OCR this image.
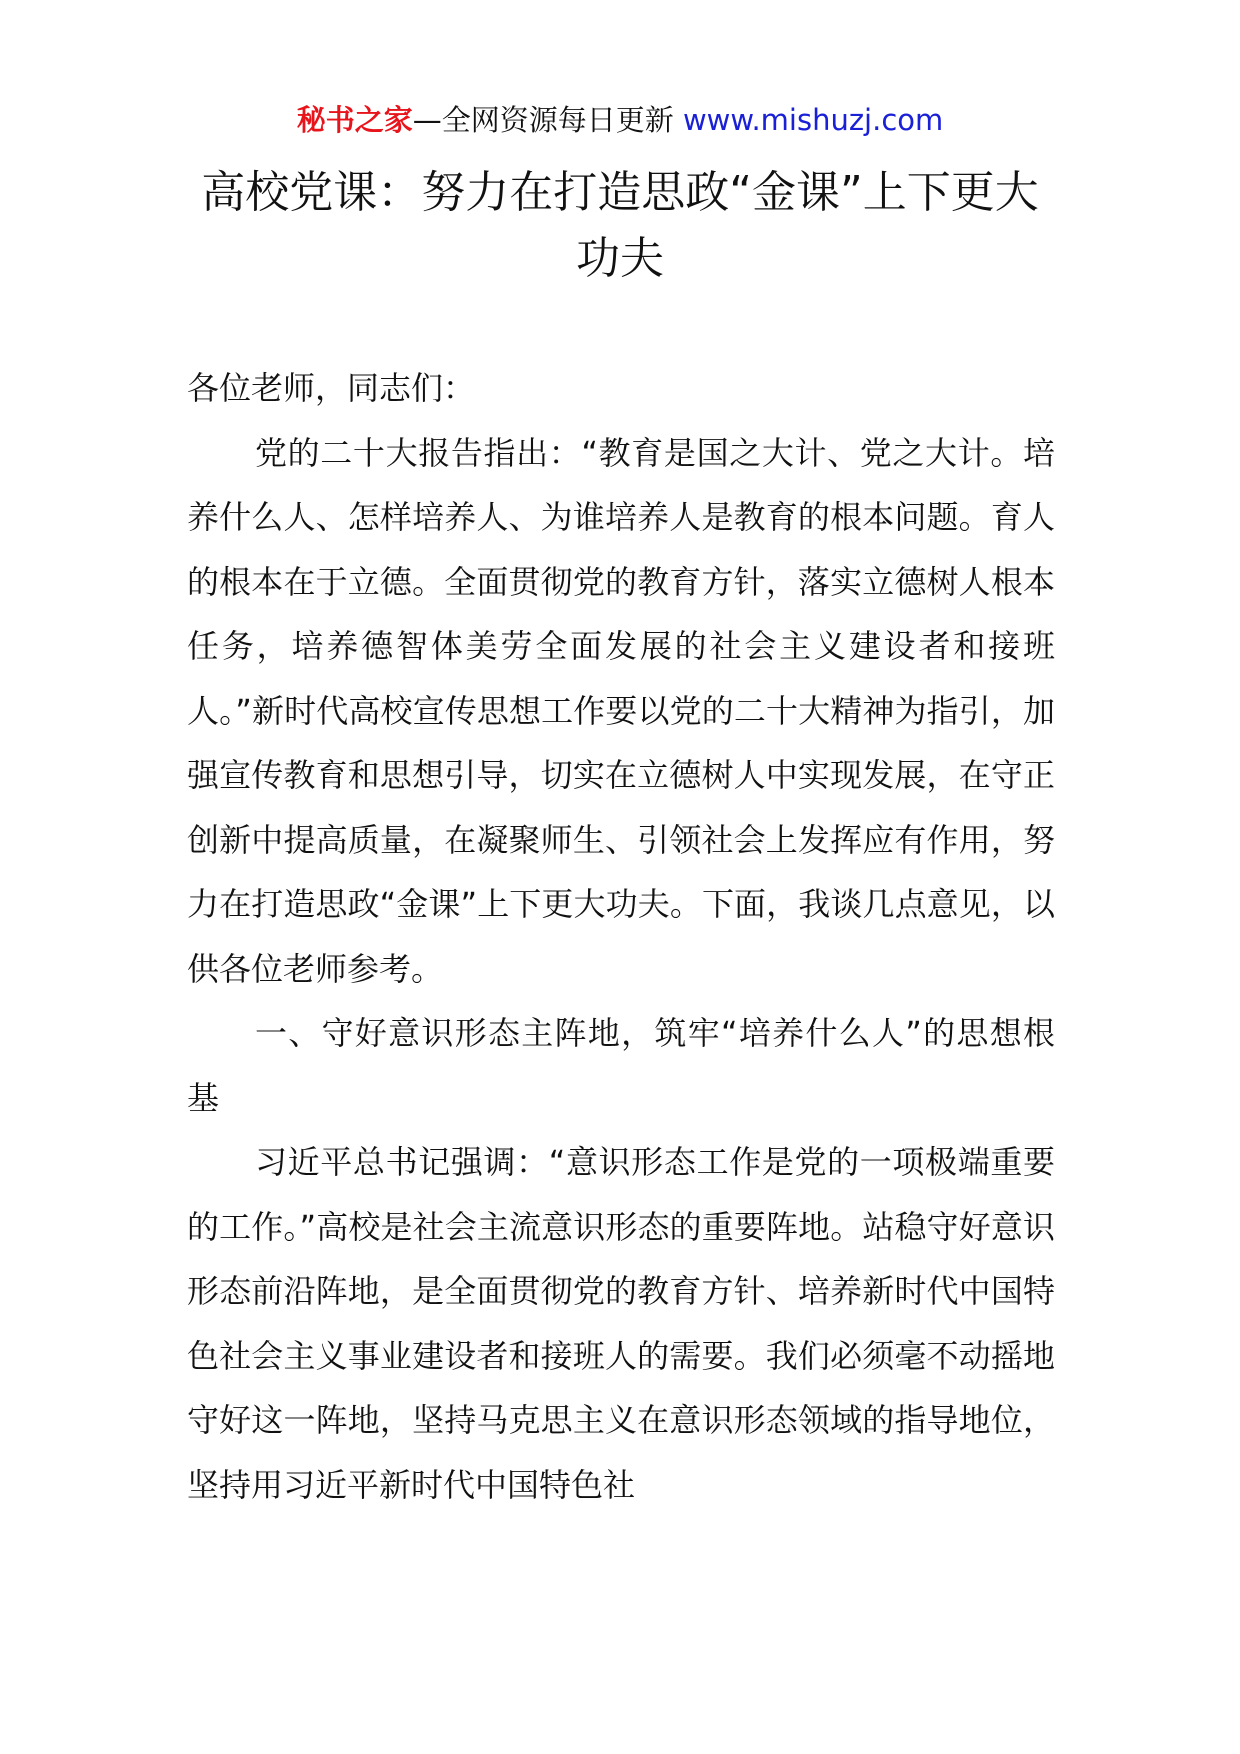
秘书之家—全网资源每日更新 www.mishuzj.com
高校党课：努力在打造思政“金课”上下更大功夫

各位老师，同志们：

党的二十大报告指出：“教育是国之大计、党之大计。培养什么人、怎样培养人、为谁培养人是教育的根本问题。育人的根本在于立德。全面贯彻党的教育方针，落实立德树人根本任务，培养德智体美劳全面发展的社会主义建设者和接班人。”新时代高校宣传思想工作要以党的二十大精神为指引，加强宣传教育和思想引导，切实在立德树人中实现发展，在守正创新中提高质量，在凝聚师生、引领社会上发挥应有作用，努力在打造思政“金课”上下更大功夫。下面，我谈几点意见，以供各位老师参考。

一、守好意识形态主阵地，筑牢“培养什么人”的思想根基

习近平总书记强调：“意识形态工作是党的一项极端重要的工作。”高校是社会主流意识形态的重要阵地。站稳守好意识形态前沿阵地，是全面贯彻党的教育方针、培养新时代中国特色社会主义事业建设者和接班人的需要。我们必须毫不动摇地守好这一阵地，坚持马克思主义在意识形态领域的指导地位，坚持用习近平新时代中国特色社
